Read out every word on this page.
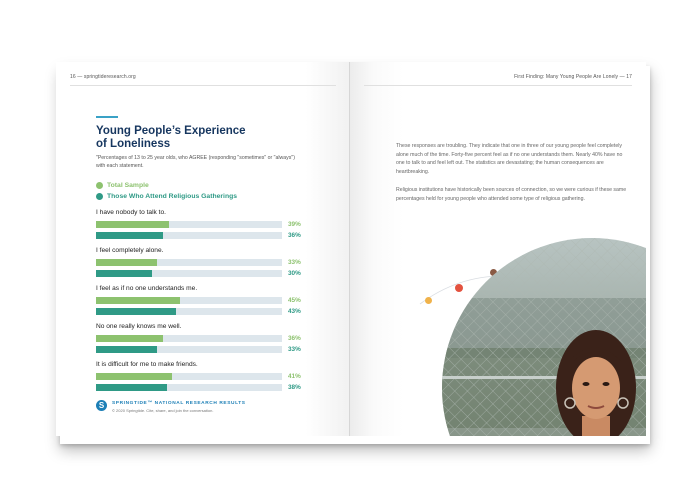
16 — springtideresearch.org
Young People’s Experience
of Loneliness
"Percentages of 13 to 25 year olds, who AGREE (responding "sometimes" or "always") with each statement.
Total Sample
Those Who Attend Religious Gatherings
I have nobody to talk to.
39%
36%
I feel completely alone.
33%
30%
I feel as if no one understands me.
45%
43%
No one really knows me well.
36%
33%
It is difficult for me to make friends.
41%
38%
S SPRINGTIDE™ NATIONAL RESEARCH RESULTS
© 2020 Springtide. Cite, share, and join the conversation.
First Finding: Many Young People Are Lonely — 17
These responses are troubling. They indicate that one in three of our young people feel completely alone much of the time. Forty-five percent feel as if no one understands them. Nearly 40% have no one to talk to and feel left out. The statistics are devastating; the human consequences are heartbreaking.
Religious institutions have historically been sources of connection, so we were curious if these same percentages held for young people who attended some type of religious gathering.
